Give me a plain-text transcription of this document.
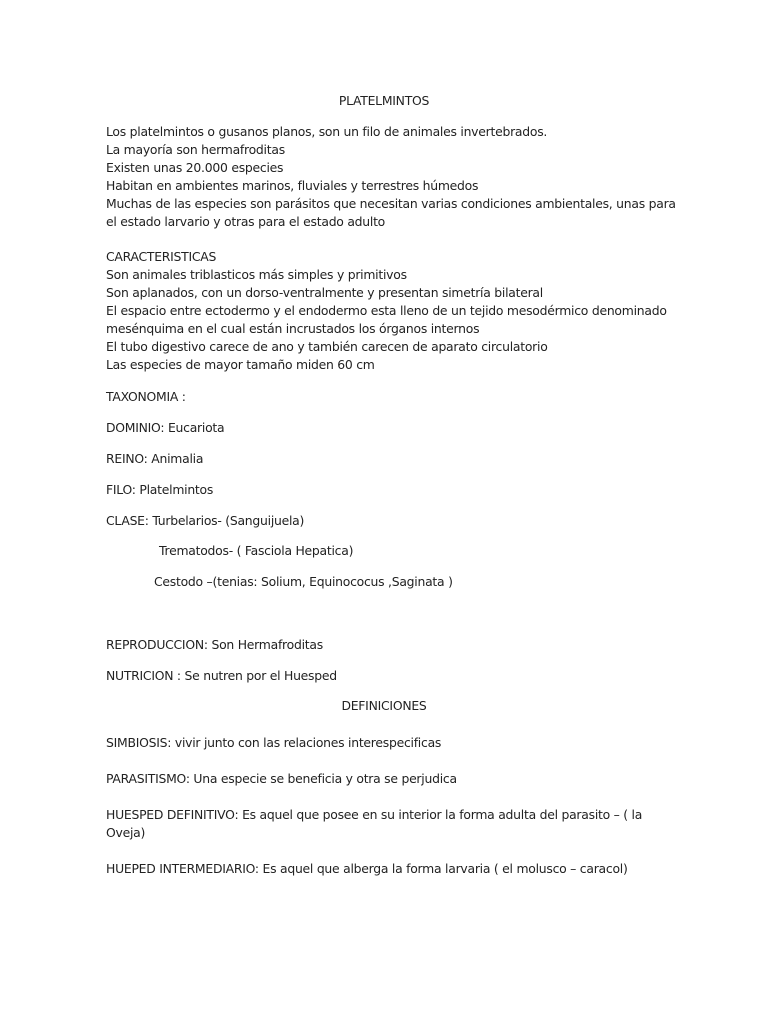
PLATELMINTOS
Los platelmintos o gusanos planos, son un filo de animales invertebrados.
La mayoría son hermafroditas
Existen unas 20.000 especies
Habitan en ambientes marinos, fluviales y terrestres húmedos
Muchas de las especies son parásitos que necesitan varias condiciones ambientales, unas para
el estado larvario y otras para el estado adulto
CARACTERISTICAS
Son animales triblasticos más simples y primitivos
Son aplanados, con un dorso-ventralmente y presentan simetría bilateral
El espacio entre ectodermo y el endodermo esta lleno de un tejido mesodérmico denominado
mesénquima en el cual están incrustados los órganos internos
El tubo digestivo carece de ano y también carecen de aparato circulatorio
Las especies de mayor tamaño miden 60 cm
TAXONOMIA :
DOMINIO: Eucariota
REINO: Animalia
FILO: Platelmintos
CLASE: Turbelarios- (Sanguijuela)
Trematodos- ( Fasciola Hepatica)
Cestodo –(tenias: Solium, Equinococus ,Saginata )
REPRODUCCION: Son Hermafroditas
NUTRICION : Se nutren por el Huesped
DEFINICIONES
SIMBIOSIS: vivir junto con las relaciones interespecificas
PARASITISMO: Una especie se beneficia y otra se perjudica
HUESPED DEFINITIVO: Es aquel que posee en su interior la forma adulta del parasito – ( la
Oveja)
HUEPED INTERMEDIARIO: Es aquel que alberga la forma larvaria ( el molusco – caracol)
